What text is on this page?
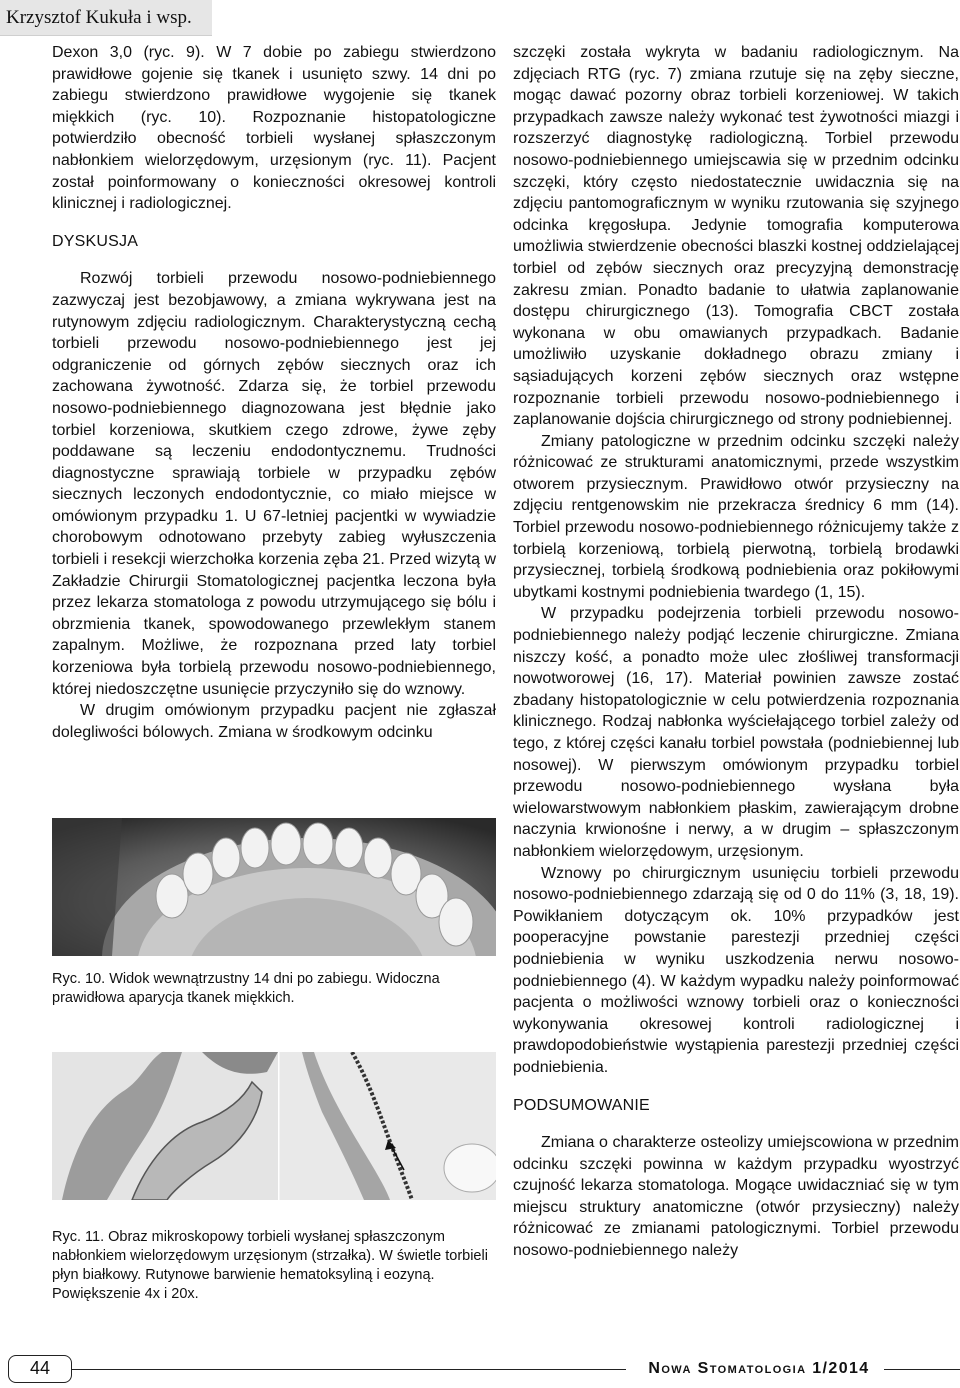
Krzysztof Kukuła i wsp.

Dexon 3,0 (ryc. 9). W 7 dobie po zabiegu stwierdzono prawidłowe gojenie się tkanek i usunięto szwy. 14 dni po zabiegu stwierdzono prawidłowe wygojenie się tkanek miękkich (ryc. 10). Rozpoznanie histopatologiczne potwierdziło obecność torbieli wysłanej spłaszczonym nabłonkiem wielorzędowym, urzęsionym (ryc. 11). Pacjent został poinformowany o konieczności okresowej kontroli klinicznej i radiologicznej.

DYSKUSJA

Rozwój torbieli przewodu nosowo-podniebiennego zazwyczaj jest bezobjawowy, a zmiana wykrywana jest na rutynowym zdjęciu radiologicznym. Charakterystyczną cechą torbieli przewodu nosowo-podniebiennego jest jej odgraniczenie od górnych zębów siecznych oraz ich zachowana żywotność. Zdarza się, że torbiel przewodu nosowo-podniebiennego diagnozowana jest błędnie jako torbiel korzeniowa, skutkiem czego zdrowe, żywe zęby poddawane są leczeniu endodontycznemu. Trudności diagnostyczne sprawiają torbiele w przypadku zębów siecznych leczonych endodontycznie, co miało miejsce w omówionym przypadku 1. U 67-letniej pacjentki w wywiadzie chorobowym odnotowano przebyty zabieg wyłuszczenia torbieli i resekcji wierzchołka korzenia zęba 21. Przed wizytą w Zakładzie Chirurgii Stomatologicznej pacjentka leczona była przez lekarza stomatologa z powodu utrzymującego się bólu i obrzmienia tkanek, spowodowanego przewlekłym stanem zapalnym. Możliwe, że rozpoznana przed laty torbiel korzeniowa była torbielą przewodu nosowo-podniebiennego, której niedoszczętne usunięcie przyczyniło się do wznowy.

W drugim omówionym przypadku pacjent nie zgłaszał dolegliwości bólowych. Zmiana w środkowym odcinku

Ryc. 10. Widok wewnątrzustny 14 dni po zabiegu. Widoczna prawidłowa aparycja tkanek miękkich.
Ryc. 11. Obraz mikroskopowy torbieli wysłanej spłaszczonym nabłonkiem wielorzędowym urzęsionym (strzałka). W świetle torbieli płyn białkowy. Rutynowe barwienie hematoksyliną i eozyną. Powiększenie 4x i 20x.

szczęki została wykryta w badaniu radiologicznym. Na zdjęciach RTG (ryc. 7) zmiana rzutuje się na zęby sieczne, mogąc dawać pozorny obraz torbieli korzeniowej. W takich przypadkach zawsze należy wykonać test żywotności miazgi i rozszerzyć diagnostykę radiologiczną. Torbiel przewodu nosowo-podniebiennego umiejscawia się w przednim odcinku szczęki, który często niedostatecznie uwidacznia się na zdjęciu pantomograficznym w wyniku rzutowania się szyjnego odcinka kręgosłupa. Jedynie tomografia komputerowa umożliwia stwierdzenie obecności blaszki kostnej oddzielającej torbiel od zębów siecznych oraz precyzyjną demonstrację zakresu zmian. Ponadto badanie to ułatwia zaplanowanie dostępu chirurgicznego (13). Tomografia CBCT została wykonana w obu omawianych przypadkach. Badanie umożliwiło uzyskanie dokładnego obrazu zmiany i sąsiadujących korzeni zębów siecznych oraz wstępne rozpoznanie torbieli przewodu nosowo-podniebiennego i zaplanowanie dojścia chirurgicznego od strony podniebiennej.

Zmiany patologiczne w przednim odcinku szczęki należy różnicować ze strukturami anatomicznymi, przede wszystkim otworem przysiecznym. Prawidłowo otwór przysieczny na zdjęciu rentgenowskim nie przekracza średnicy 6 mm (14). Torbiel przewodu nosowo-podniebiennego różnicujemy także z torbielą korzeniową, torbielą pierwotną, torbielą brodawki przysiecznej, torbielą środkową podniebienia oraz pokiłowymi ubytkami kostnymi podniebienia twardego (1, 15).

W przypadku podejrzenia torbieli przewodu nosowo-podniebiennego należy podjąć leczenie chirurgiczne. Zmiana niszczy kość, a ponadto może ulec złośliwej transformacji nowotworowej (16, 17). Materiał powinien zawsze zostać zbadany histopatologicznie w celu potwierdzenia rozpoznania klinicznego. Rodzaj nabłonka wyściełającego torbiel zależy od tego, z której części kanału torbiel powstała (podniebiennej lub nosowej). W pierwszym omówionym przypadku torbiel przewodu nosowo-podniebiennego wysłana była wielowarstwowym nabłonkiem płaskim, zawierającym drobne naczynia krwionośne i nerwy, a w drugim – spłaszczonym nabłonkiem wielorzędowym, urzęsionym.

Wznowy po chirurgicznym usunięciu torbieli przewodu nosowo-podniebiennego zdarzają się od 0 do 11% (3, 18, 19). Powikłaniem dotyczącym ok. 10% przypadków jest pooperacyjne powstanie parestezji przedniej części podniebienia w wyniku uszkodzenia nerwu nosowo-podniebiennego (4). W każdym wypadku należy poinformować pacjenta o możliwości wznowy torbieli oraz o konieczności wykonywania okresowej kontroli radiologicznej i prawdopodobieństwie wystąpienia parestezji przedniej części podniebienia.

PODSUMOWANIE

Zmiana o charakterze osteolizy umiejscowiona w przednim odcinku szczęki powinna w każdym przypadku wyostrzyć czujność lekarza stomatologa. Mogące uwidaczniać się w tym miejscu struktury anatomiczne (otwór przysieczny) należy różnicować ze zmianami patologicznymi. Torbiel przewodu nosowo-podniebiennego należy

44	Nowa Stomatologia 1/2014
